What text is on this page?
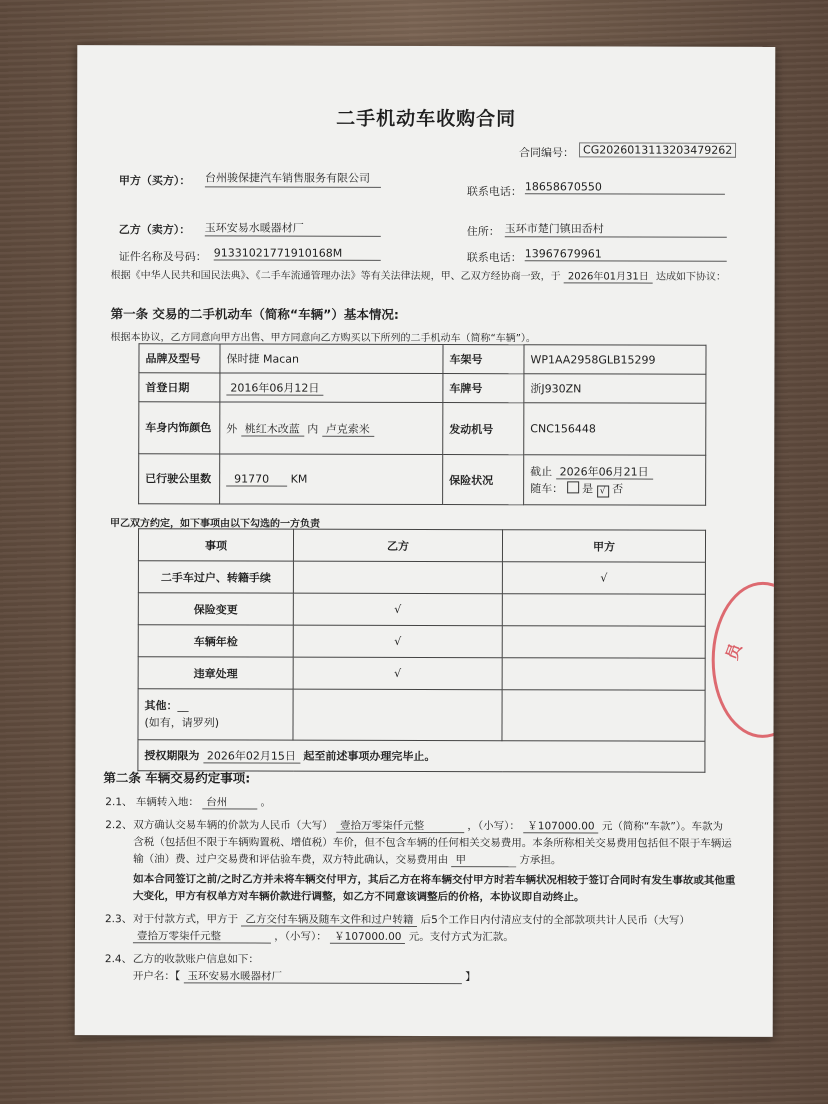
二手机动车收购合同
合同编号： CG2026013113203479262
甲方（买方）： 台州骏保捷汽车销售服务有限公司
联系电话： 18658670550
乙方（卖方）： 玉环安易水暖器材厂	住所： 玉环市楚门镇田岙村
证件名称及号码： 91331021771910168M	联系电话： 13967679961
根据《中华人民共和国民法典》、《二手车流通管理办法》等有关法律法规，甲、乙双方经协商一致，于 2026年01月31日 达成如下协议：
第一条 交易的二手机动车（简称“车辆”）基本情况:
根据本协议，乙方同意向甲方出售、甲方同意向乙方购买以下所列的二手机动车（简称“车辆”）。
品牌及型号	保时捷 Macan	车架号	WP1AA2958GLB15299
首登日期	2016年06月12日	车牌号	浙J930ZN
车身内饰颜色	外 桃红木改蓝 内 卢克索米	发动机号	CNC156448
已行驶公里数	91770 KM	保险状况	截止 2026年06月21日
随车： 是 √ 否
甲乙双方约定，如下事项由以下勾选的一方负责
事项	乙方	甲方
二手车过户、转籍手续		√
保险变更	√	
车辆年检	√	
违章处理	√	

其他：__
(如有，请罗列)		

授权期限为 2026年02月15日 起至前述事项办理完毕止。		
第二条 车辆交易约定事项:
2.1、 车辆转入地： 台州	。
2.2、 双方确认交易车辆的价款为人民币（大写） 壹拾万零柒仟元整	，（小写）： ￥107000.00 元（简称“车款”）。车款为
含税（包括但不限于车辆购置税、增值税）车价，但不包含车辆的任何相关交易费用。本条所称相关交易费用包括但不限于车辆运
输（油）费、过户交易费和评估验车费，双方特此确认，交易费用由 甲	方承担。
如本合同签订之前/之时乙方并未将车辆交付甲方，其后乙方在将车辆交付甲方时若车辆状况相较于签订合同时有发生事故或其他重
大变化，甲方有权单方对车辆价款进行调整，如乙方不同意该调整后的价格，本协议即自动终止。
2.3、 对于付款方式，甲方于 乙方交付车辆及随车文件和过户转籍 后5个工作日内付清应支付的全部款项共计人民币（大写）
壹拾万零柒仟元整	，（小写）： ￥107000.00 元。支付方式为汇款。
2.4、 乙方的收款账户信息如下：
开户名：【 玉环安易水暖器材厂	】
员
